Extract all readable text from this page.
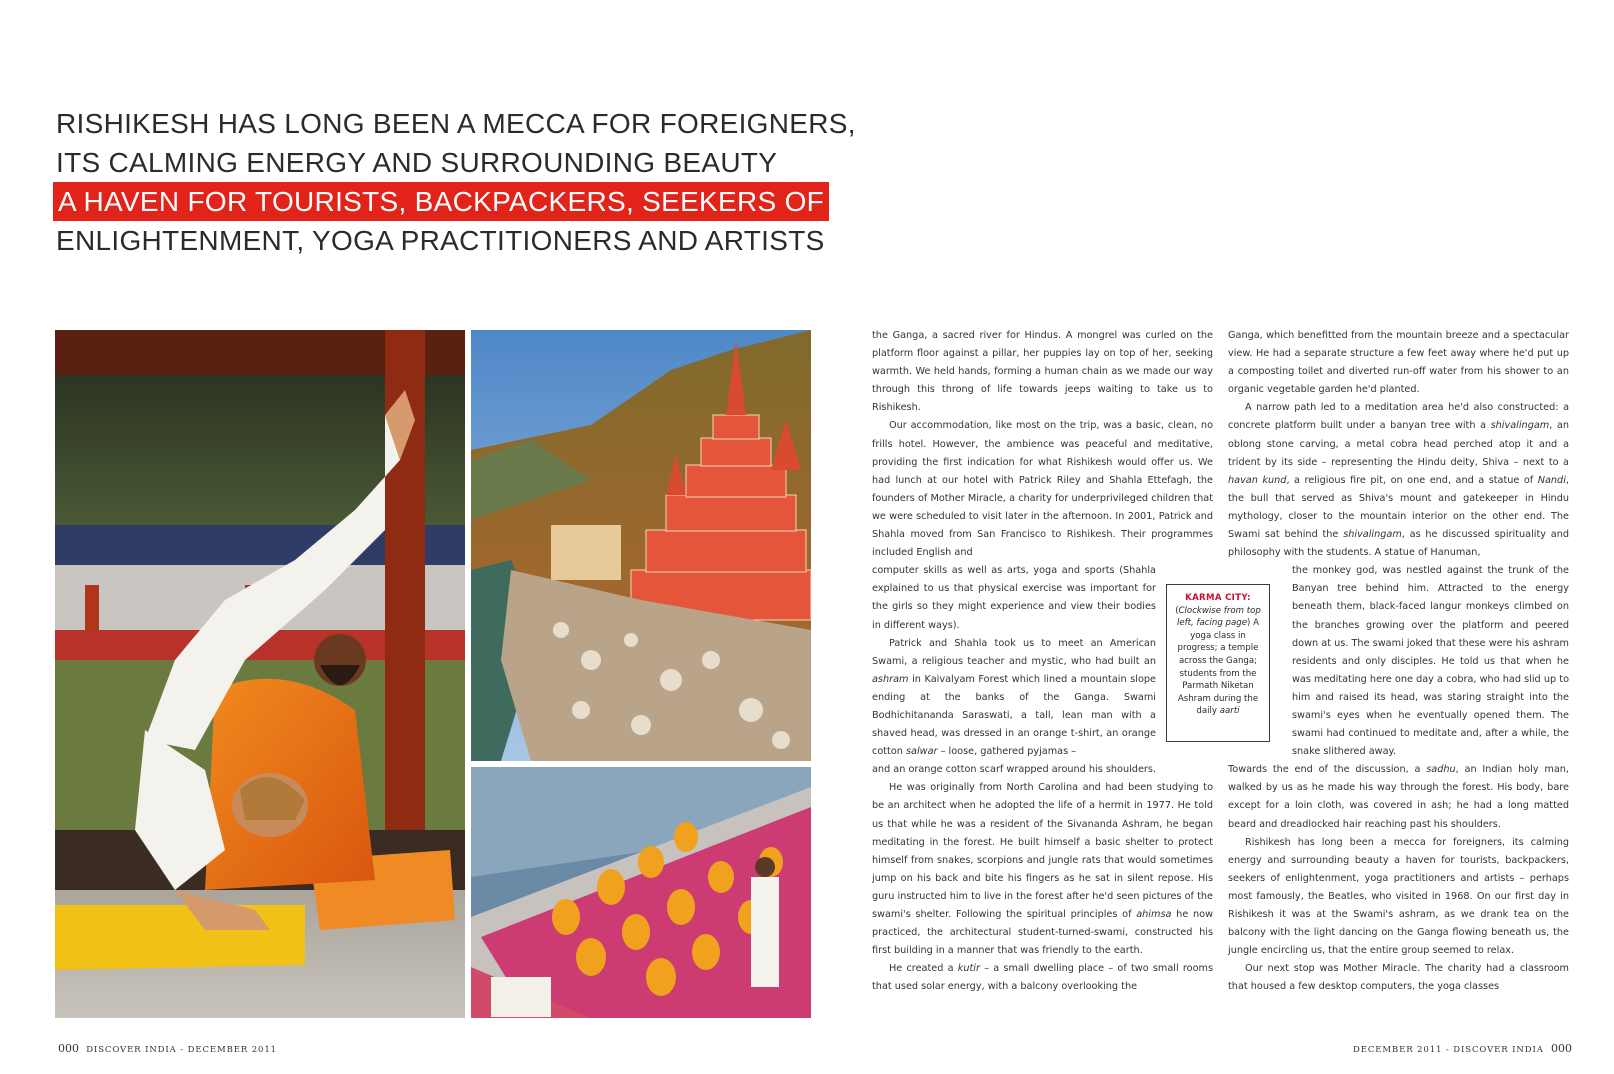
RISHIKESH HAS LONG BEEN A MECCA FOR FOREIGNERS,
ITS CALMING ENERGY AND SURROUNDING BEAUTY
A HAVEN FOR TOURISTS, BACKPACKERS, SEEKERS OF
ENLIGHTENMENT, YOGA PRACTITIONERS AND ARTISTS

the Ganga, a sacred river for Hindus. A mongrel was curled on the platform floor against a pillar, her puppies lay on top of her, seeking warmth. We held hands, forming a human chain as we made our way through this throng of life towards jeeps waiting to take us to Rishikesh.

Our accommodation, like most on the trip, was a basic, clean, no frills hotel. However, the ambience was peaceful and meditative, providing the first indication for what Rishikesh would offer us. We had lunch at our hotel with Patrick Riley and Shahla Ettefagh, the founders of Mother Miracle, a charity for underprivileged children that we were scheduled to visit later in the afternoon. In 2001, Patrick and Shahla moved from San Francisco to Rishikesh. Their programmes included English and

computer skills as well as arts, yoga and sports (Shahla explained to us that physical exercise was important for the girls so they might experience and view their bodies in different ways).

Patrick and Shahla took us to meet an American Swami, a religious teacher and mystic, who had built an ashram in Kaivalyam Forest which lined a mountain slope ending at the banks of the Ganga. Swami Bodhichitananda Saraswati, a tall, lean man with a shaved head, was dressed in an orange t-shirt, an orange cotton salwar – loose, gathered pyjamas –

and an orange cotton scarf wrapped around his shoulders.

He was originally from North Carolina and had been studying to be an architect when he adopted the life of a hermit in 1977. He told us that while he was a resident of the Sivananda Ashram, he began meditating in the forest. He built himself a basic shelter to protect himself from snakes, scorpions and jungle rats that would sometimes jump on his back and bite his fingers as he sat in silent repose. His guru instructed him to live in the forest after he'd seen pictures of the swami's shelter. Following the spiritual principles of ahimsa he now practiced, the architectural student-turned-swami, constructed his first building in a manner that was friendly to the earth.

He created a kutir – a small dwelling place – of two small rooms that used solar energy, with a balcony overlooking the

KARMA CITY:
(Clockwise from top left, facing page) A yoga class in progress; a temple across the Ganga; students from the Parmath Niketan Ashram during the daily aarti

Ganga, which benefitted from the mountain breeze and a spectacular view. He had a separate structure a few feet away where he'd put up a composting toilet and diverted run-off water from his shower to an organic vegetable garden he'd planted.

A narrow path led to a meditation area he'd also constructed: a concrete platform built under a banyan tree with a shivalingam, an oblong stone carving, a metal cobra head perched atop it and a trident by its side – representing the Hindu deity, Shiva – next to a havan kund, a religious fire pit, on one end, and a statue of Nandi, the bull that served as Shiva's mount and gatekeeper in Hindu mythology, closer to the mountain interior on the other end. The Swami sat behind the shivalingam, as he discussed spirituality and philosophy with the students. A statue of Hanuman,

the monkey god, was nestled against the trunk of the Banyan tree behind him. Attracted to the energy beneath them, black-faced langur monkeys climbed on the branches growing over the platform and peered down at us. The swami joked that these were his ashram residents and only disciples. He told us that when he was meditating here one day a cobra, who had slid up to him and raised its head, was staring straight into the swami's eyes when he eventually opened them. The swami had continued to meditate and, after a while, the snake slithered away.

Towards the end of the discussion, a sadhu, an Indian holy man, walked by us as he made his way through the forest. His body, bare except for a loin cloth, was covered in ash; he had a long matted beard and dreadlocked hair reaching past his shoulders.

Rishikesh has long been a mecca for foreigners, its calming energy and surrounding beauty a haven for tourists, backpackers, seekers of enlightenment, yoga practitioners and artists – perhaps most famously, the Beatles, who visited in 1968. On our first day in Rishikesh it was at the Swami's ashram, as we drank tea on the balcony with the light dancing on the Ganga flowing beneath us, the jungle encircling us, that the entire group seemed to relax.

Our next stop was Mother Miracle. The charity had a classroom that housed a few desktop computers, the yoga classes

000 DISCOVER INDIA - DECEMBER 2011	DECEMBER 2011 - DISCOVER INDIA 000
